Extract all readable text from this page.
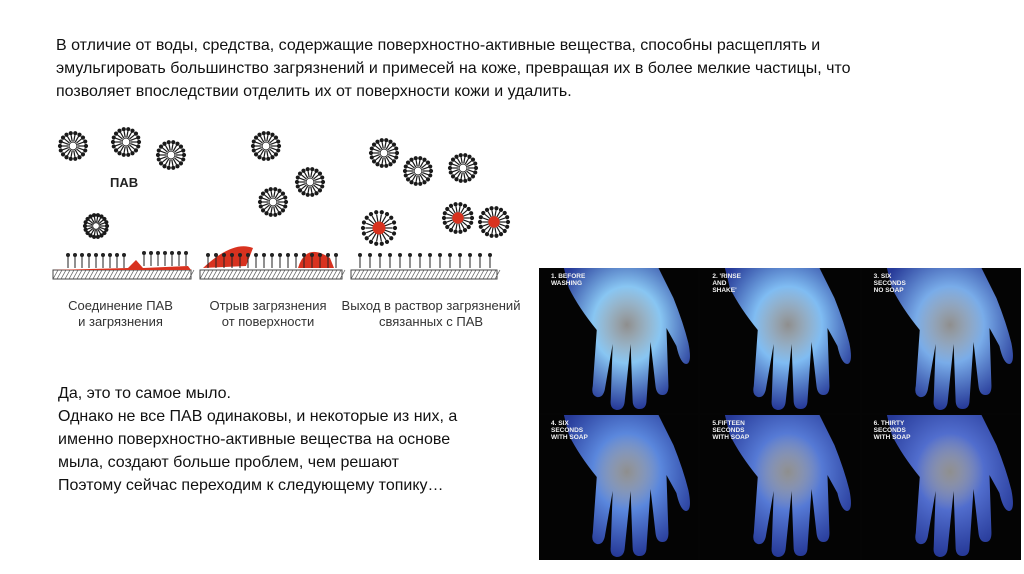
В отличие от воды, средства, содержащие поверхностно-активные вещества, способны расщеплять и
эмульгировать большинство загрязнений и примесей на коже, превращая их в более мелкие частицы, что
позволяет впоследствии отделить их от поверхности кожи и удалить.
ПАВ
Соединение ПАВ
и загрязнения
Отрыв загрязнения
от поверхности
Выход в раствор загрязнений
связанных с ПАВ
Да, это то самое мыло.
Однако не все ПАВ одинаковы, и некоторые из них, а
именно поверхностно-активные вещества на основе
мыла, создают больше проблем, чем решают
Поэтому сейчас переходим к следующему топику…
1. BEFORE
WASHING
2. 'RINSE
AND
SHAKE'
3. SIX
SECONDS
NO SOAP
4. SIX
SECONDS
WITH SOAP
5.FIFTEEN
SECONDS
WITH SOAP
6. THIRTY
SECONDS
WITH SOAP
